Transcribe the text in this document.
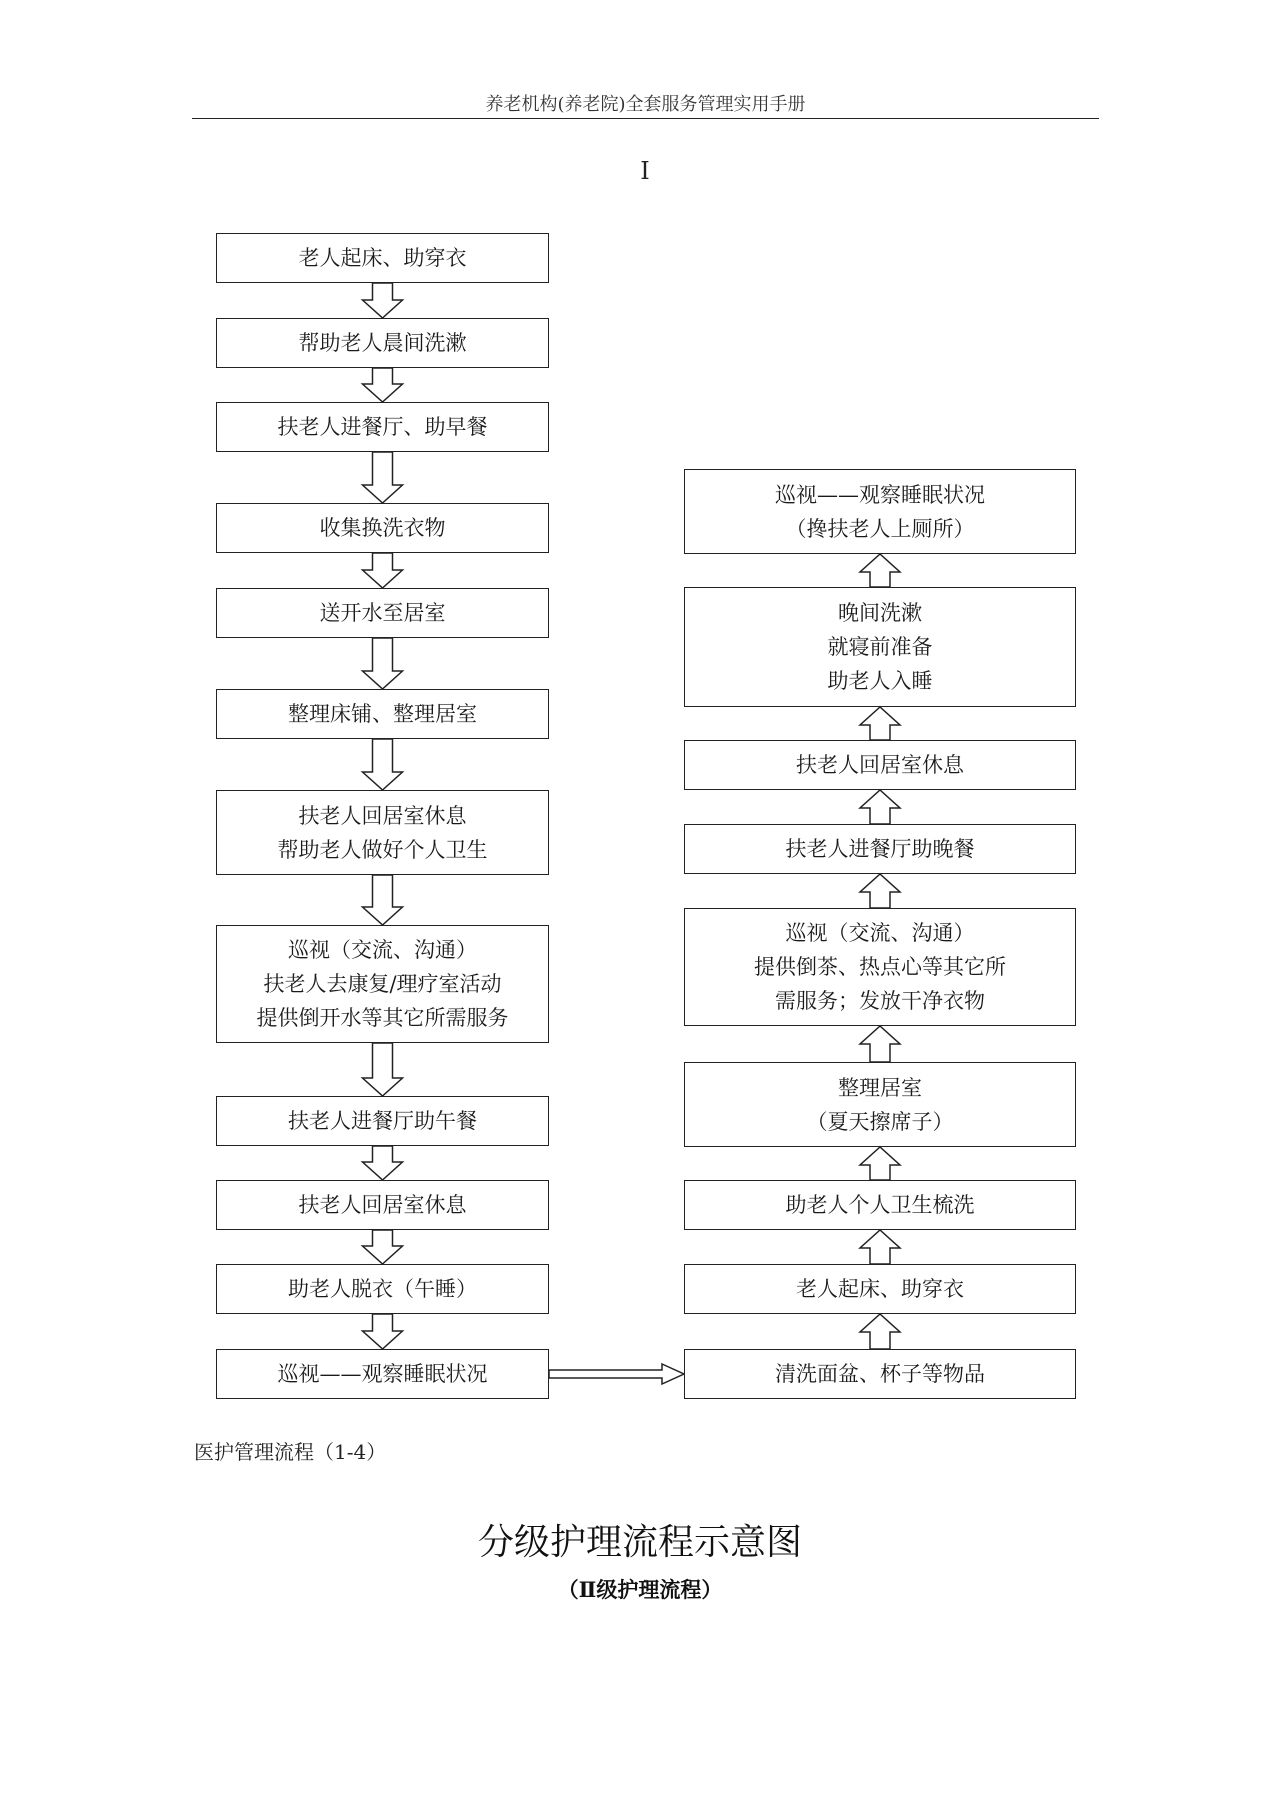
养老机构(养老院)全套服务管理实用手册
I
老人起床、助穿衣
帮助老人晨间洗漱
扶老人进餐厅、助早餐
收集换洗衣物
送开水至居室
整理床铺、整理居室
扶老人回居室休息
帮助老人做好个人卫生
巡视（交流、沟通）
扶老人去康复/理疗室活动
提供倒开水等其它所需服务
扶老人进餐厅助午餐
扶老人回居室休息
助老人脱衣（午睡）
巡视——观察睡眠状况
巡视——观察睡眠状况
（搀扶老人上厕所）
晚间洗漱
就寝前准备
助老人入睡
扶老人回居室休息
扶老人进餐厅助晚餐
巡视（交流、沟通）
提供倒茶、热点心等其它所
需服务；发放干净衣物
整理居室
（夏天擦席子）
助老人个人卫生梳洗
老人起床、助穿衣
清洗面盆、杯子等物品
医护管理流程（1-4）
分级护理流程示意图
（Ⅱ级护理流程）
